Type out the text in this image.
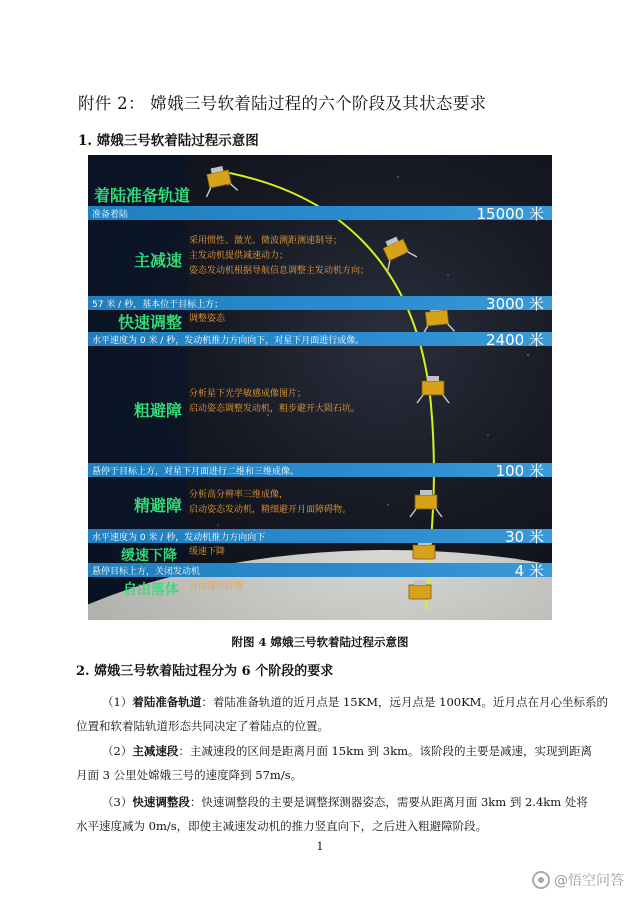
附件 2： 嫦娥三号软着陆过程的六个阶段及其状态要求
1. 嫦娥三号软着陆过程示意图
准备着陆	15000 米
57 米 / 秒，基本位于目标上方；	3000 米
水平速度为 0 米 / 秒，发动机推力方向向下，对星下月面进行成像。	2400 米
悬停于目标上方，对星下月面进行二维和三维成像。	100 米
水平速度为 0 米 / 秒，发动机推力方向向下	30 米
悬停目标上方，关闭发动机	4 米
着陆准备轨道
主减速
快速调整
粗避障
精避障
缓速下降
自由落体
采用惯性、激光、微波测距测速制导；
主发动机提供减速动力；
姿态发动机根据导航信息调整主发动机方向；
调整姿态
分析星下光学敏感成像图片；
启动姿态调整发动机，粗步避开大陨石坑。
分析高分辨率三维成像，
启动姿态发动机，精细避开月面障碍物。
缓速下降
自由落体降落
附图 4 嫦娥三号软着陆过程示意图
2. 嫦娥三号软着陆过程分为 6 个阶段的要求
（1）着陆准备轨道：着陆准备轨道的近月点是 15KM，远月点是 100KM。近月点在月心坐标系的
位置和软着陆轨道形态共同决定了着陆点的位置。
（2）主减速段：主减速段的区间是距离月面 15km 到 3km。该阶段的主要是减速，实现到距离
月面 3 公里处嫦娥三号的速度降到 57m/s。
（3）快速调整段：快速调整段的主要是调整探测器姿态，需要从距离月面 3km 到 2.4km 处将
水平速度减为 0m/s，即使主减速发动机的推力竖直向下，之后进入粗避障阶段。
1
@悟空问答
